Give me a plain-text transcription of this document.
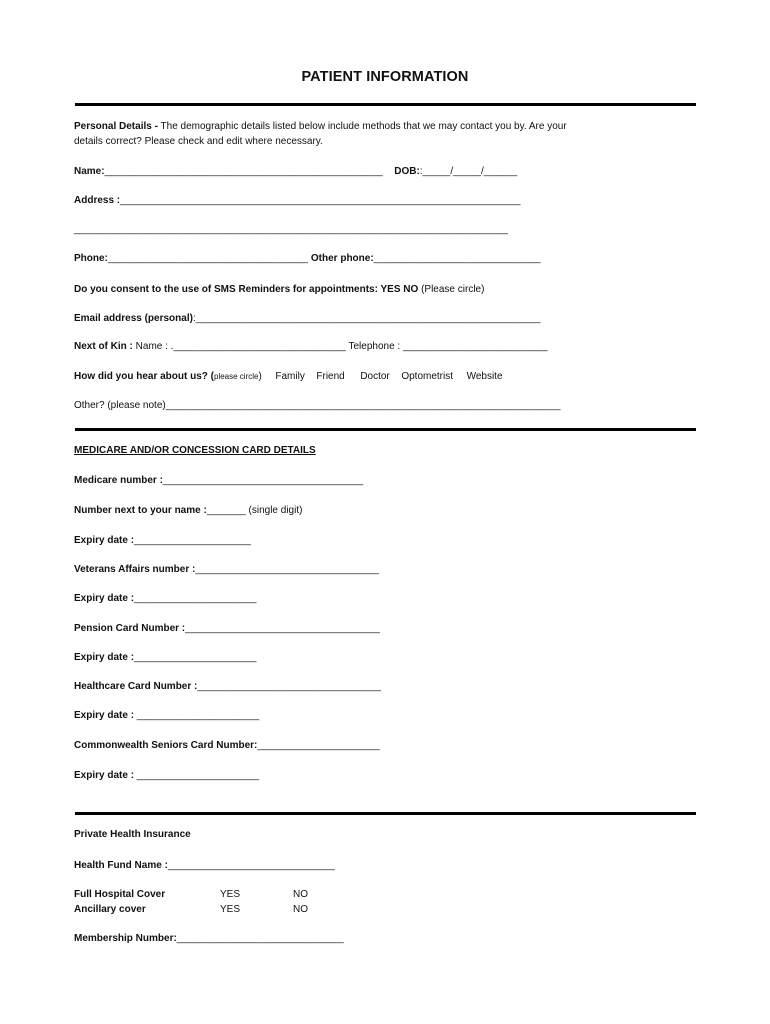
PATIENT INFORMATION
Personal Details - The demographic details listed below include methods that we may contact you by. Are your
details correct? Please check and edit where necessary.
Name:__________________________________________________ DOB::_____/_____/______
Address :________________________________________________________________________
______________________________________________________________________________
Phone:____________________________________ Other phone:______________________________
Do you consent to the use of SMS Reminders for appointments: YES NO (Please circle)
Email address (personal):______________________________________________________________
Next of Kin : Name : ._______________________________ Telephone : __________________________
How did you hear about us? (please circle) Family Friend Doctor Optometrist Website
Other? (please note)_______________________________________________________________________
MEDICARE AND/OR CONCESSION CARD DETAILS
Medicare number :____________________________________
Number next to your name :_______ (single digit)
Expiry date :_____________________
Veterans Affairs number :_________________________________
Expiry date :______________________
Pension Card Number :___________________________________
Expiry date :______________________
Healthcare Card Number :_________________________________
Expiry date : ______________________
Commonwealth Seniors Card Number:______________________
Expiry date : ______________________
Private Health Insurance
Health Fund Name :______________________________
Full Hospital Cover	YES	NO
Ancillary cover	YES	NO
Membership Number:______________________________
